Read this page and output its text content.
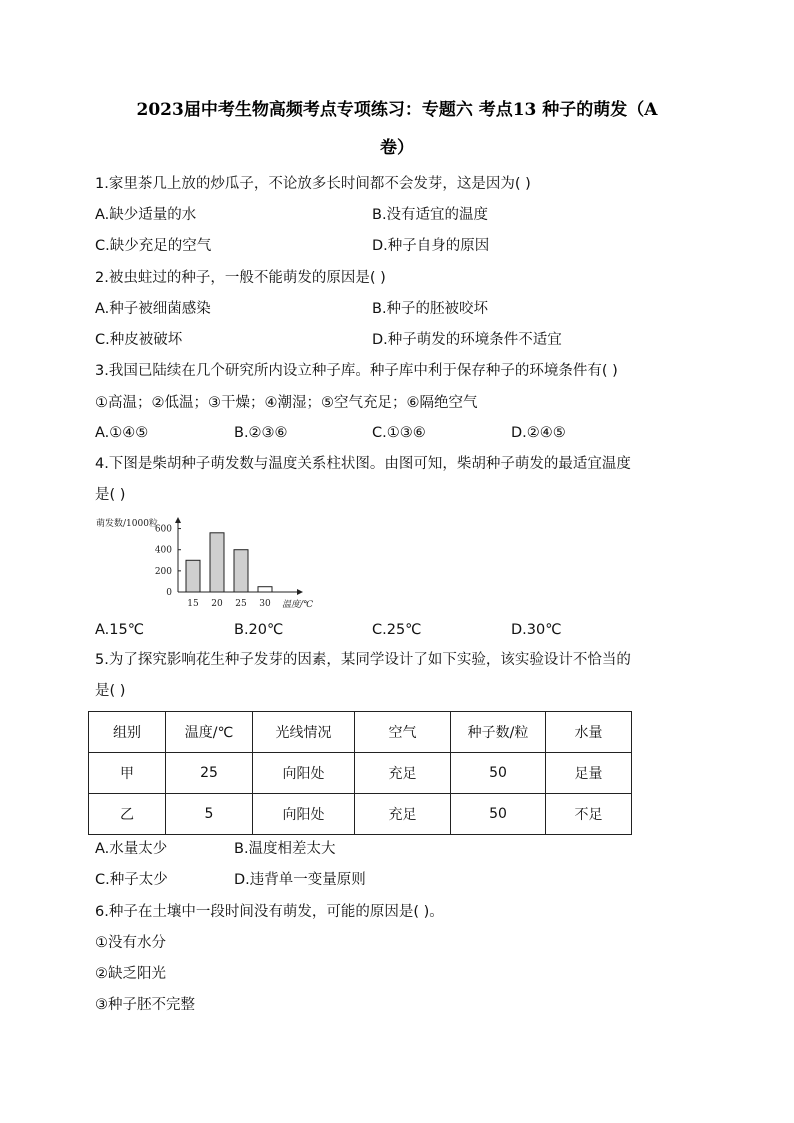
2023届中考生物高频考点专项练习：专题六 考点13 种子的萌发（A
卷）
1.家里茶几上放的炒瓜子，不论放多长时间都不会发芽，这是因为( )
A.缺少适量的水	B.没有适宜的温度
C.缺少充足的空气	D.种子自身的原因
2.被虫蛀过的种子，一般不能萌发的原因是( )
A.种子被细菌感染	B.种子的胚被咬坏
C.种皮被破坏	D.种子萌发的环境条件不适宜
3.我国已陆续在几个研究所内设立种子库。种子库中利于保存种子的环境条件有( )
①高温；②低温；③干燥；④潮湿；⑤空气充足；⑥隔绝空气
A.①④⑤	B.②③⑥	C.①③⑥	D.②④⑤
4.下图是柴胡种子萌发数与温度关系柱状图。由图可知，柴胡种子萌发的最适宜温度
是( )
萌发数/1000粒
600
400
200
0
15 20 25 30 温度/℃
A.15℃	B.20℃	C.25℃	D.30℃
5.为了探究影响花生种子发芽的因素，某同学设计了如下实验，该实验设计不恰当的
是( )
组别	温度/℃	光线情况	空气	种子数/粒	水量
甲	25	向阳处	充足	50	足量
乙	5	向阳处	充足	50	不足
A.水量太少	B.温度相差太大
C.种子太少	D.违背单一变量原则
6.种子在土壤中一段时间没有萌发，可能的原因是( )。
①没有水分
②缺乏阳光
③种子胚不完整
